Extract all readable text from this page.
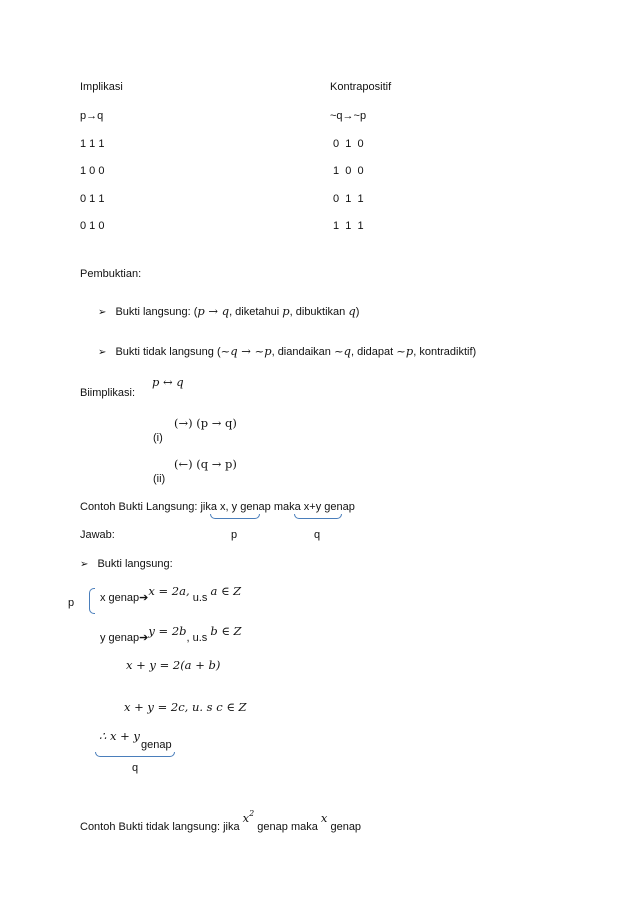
Implikasi	Kontrapositif
p→q	~q→~p
1 1 1	0  1  0
1 0 0	1  0  0
0 1 1	0  1  1
0 1 0	1  1  1
Pembuktian:
➢ Bukti langsung: (p → q, diketahui p, dibuktikan q)
➢ Bukti tidak langsung (~q → ~p, diandaikan ~q, didapat ~p, kontradiktif)
Biimplikasi:
p ↔ q
(→) (p → q)
(i)
(←) (q → p)
(ii)
Contoh Bukti Langsung: jika x, y genap maka x+y genap
Jawab:	p	q
➢ Bukti langsung:
p x genap➔x = 2a, u.s a ∈ Z
y genap➔y = 2b, u.s b ∈ Z
x + y = 2(a + b)
x + y = 2c, u. s c ∈ Z
∴ x + y
genap
q
Contoh Bukti tidak langsung: jika $x^2$ genap maka x genap
